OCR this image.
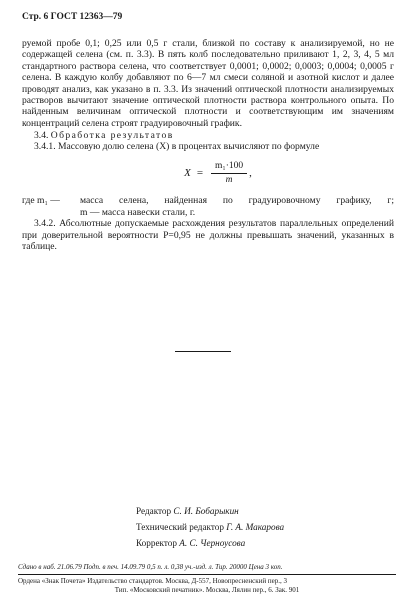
Стр. 6 ГОСТ 12363—79

руемой пробе 0,1; 0,25 или 0,5 г стали, близкой по составу к анализируемой, но не содержащей селена (см. п. 3.3). В пять колб последовательно приливают 1, 2, 3, 4, 5 мл стандартного раствора селена, что соответствует 0,0001; 0,0002; 0,0003; 0,0004; 0,0005 г селена. В каждую колбу добавляют по 6—7 мл смеси соляной и азотной кислот и далее проводят анализ, как указано в п. 3.3. Из значений оптической плотности анализируемых растворов вычитают значение оптической плотности раствора контрольного опыта. По найденным величинам оптической плотности и соответствующим им значениям концентраций селена строят градуировочный график.

3.4. Обработка результатов

3.4.1. Массовую долю селена (X) в процентах вычисляют по формуле

$X = \frac{\text{m₁·100}}{m}$ ,
где m₁ —	масса селена, найденная по градуировочному графику, г;

m — масса навески стали, г.

3.4.2. Абсолютные допускаемые расхождения результатов параллельных определений при доверительной вероятности P=0,95 не должны превышать значений, указанных в таблице.

Редактор С. И. Бобарыкин
Технический редактор Г. А. Макарова
Корректор А. С. Черноусова
Сдано в наб. 21.06.79 Подп. в печ. 14.09.79 0,5 п. л. 0,38 уч.-изд. л. Тир. 20000 Цена 3 коп.
Ордена «Знак Почета» Издательство стандартов. Москва, Д-557, Новопресненский пер., 3
Тип. «Московский печатник». Москва, Лялин пер., 6. Зак. 901
